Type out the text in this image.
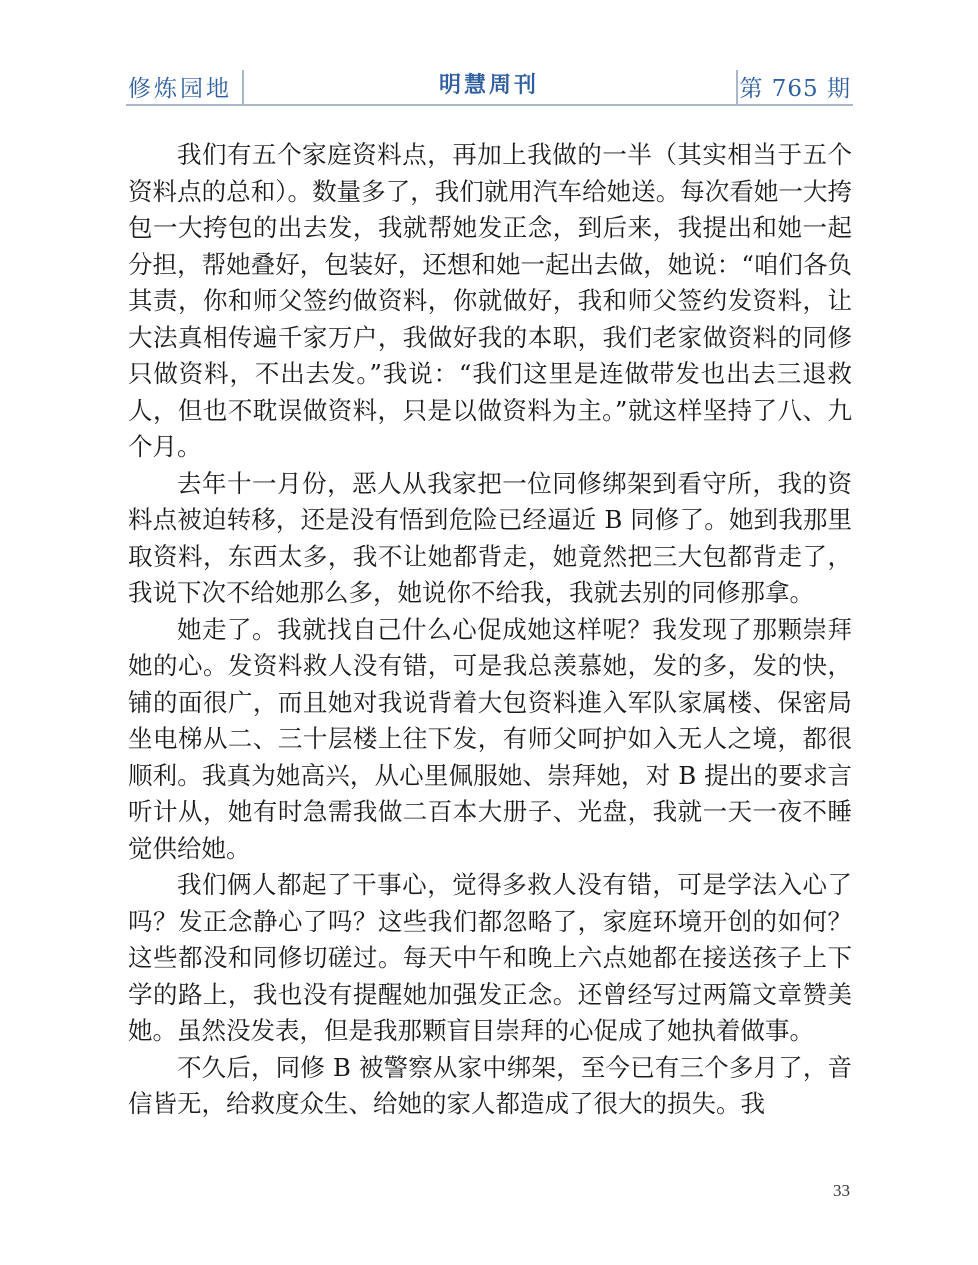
修炼园地	明慧周刊	第 765 期

我们有五个家庭资料点，再加上我做的一半（其实相当于五个资料点的总和）。数量多了，我们就用汽车给她送。每次看她一大挎包一大挎包的出去发，我就帮她发正念，到后来，我提出和她一起分担，帮她叠好，包装好，还想和她一起出去做，她说：“咱们各负其责，你和师父签约做资料，你就做好，我和师父签约发资料，让大法真相传遍千家万户，我做好我的本职，我们老家做资料的同修只做资料，不出去发。”我说：“我们这里是连做带发也出去三退救人，但也不耽误做资料，只是以做资料为主。”就这样坚持了八、九个月。

去年十一月份，恶人从我家把一位同修绑架到看守所，我的资料点被迫转移，还是没有悟到危险已经逼近 B 同修了。她到我那里取资料，东西太多，我不让她都背走，她竟然把三大包都背走了，我说下次不给她那么多，她说你不给我，我就去别的同修那拿。

她走了。我就找自己什么心促成她这样呢？我发现了那颗崇拜她的心。发资料救人没有错，可是我总羡慕她，发的多，发的快，铺的面很广，而且她对我说背着大包资料進入军队家属楼、保密局坐电梯从二、三十层楼上往下发，有师父呵护如入无人之境，都很顺利。我真为她高兴，从心里佩服她、崇拜她，对 B 提出的要求言听计从，她有时急需我做二百本大册子、光盘，我就一天一夜不睡觉供给她。

我们俩人都起了干事心，觉得多救人没有错，可是学法入心了吗？发正念静心了吗？这些我们都忽略了，家庭环境开创的如何？这些都没和同修切磋过。每天中午和晚上六点她都在接送孩子上下学的路上，我也没有提醒她加强发正念。还曾经写过两篇文章赞美她。虽然没发表，但是我那颗盲目崇拜的心促成了她执着做事。

不久后，同修 B 被警察从家中绑架，至今已有三个多月了，音信皆无，给救度众生、给她的家人都造成了很大的损失。我

33
